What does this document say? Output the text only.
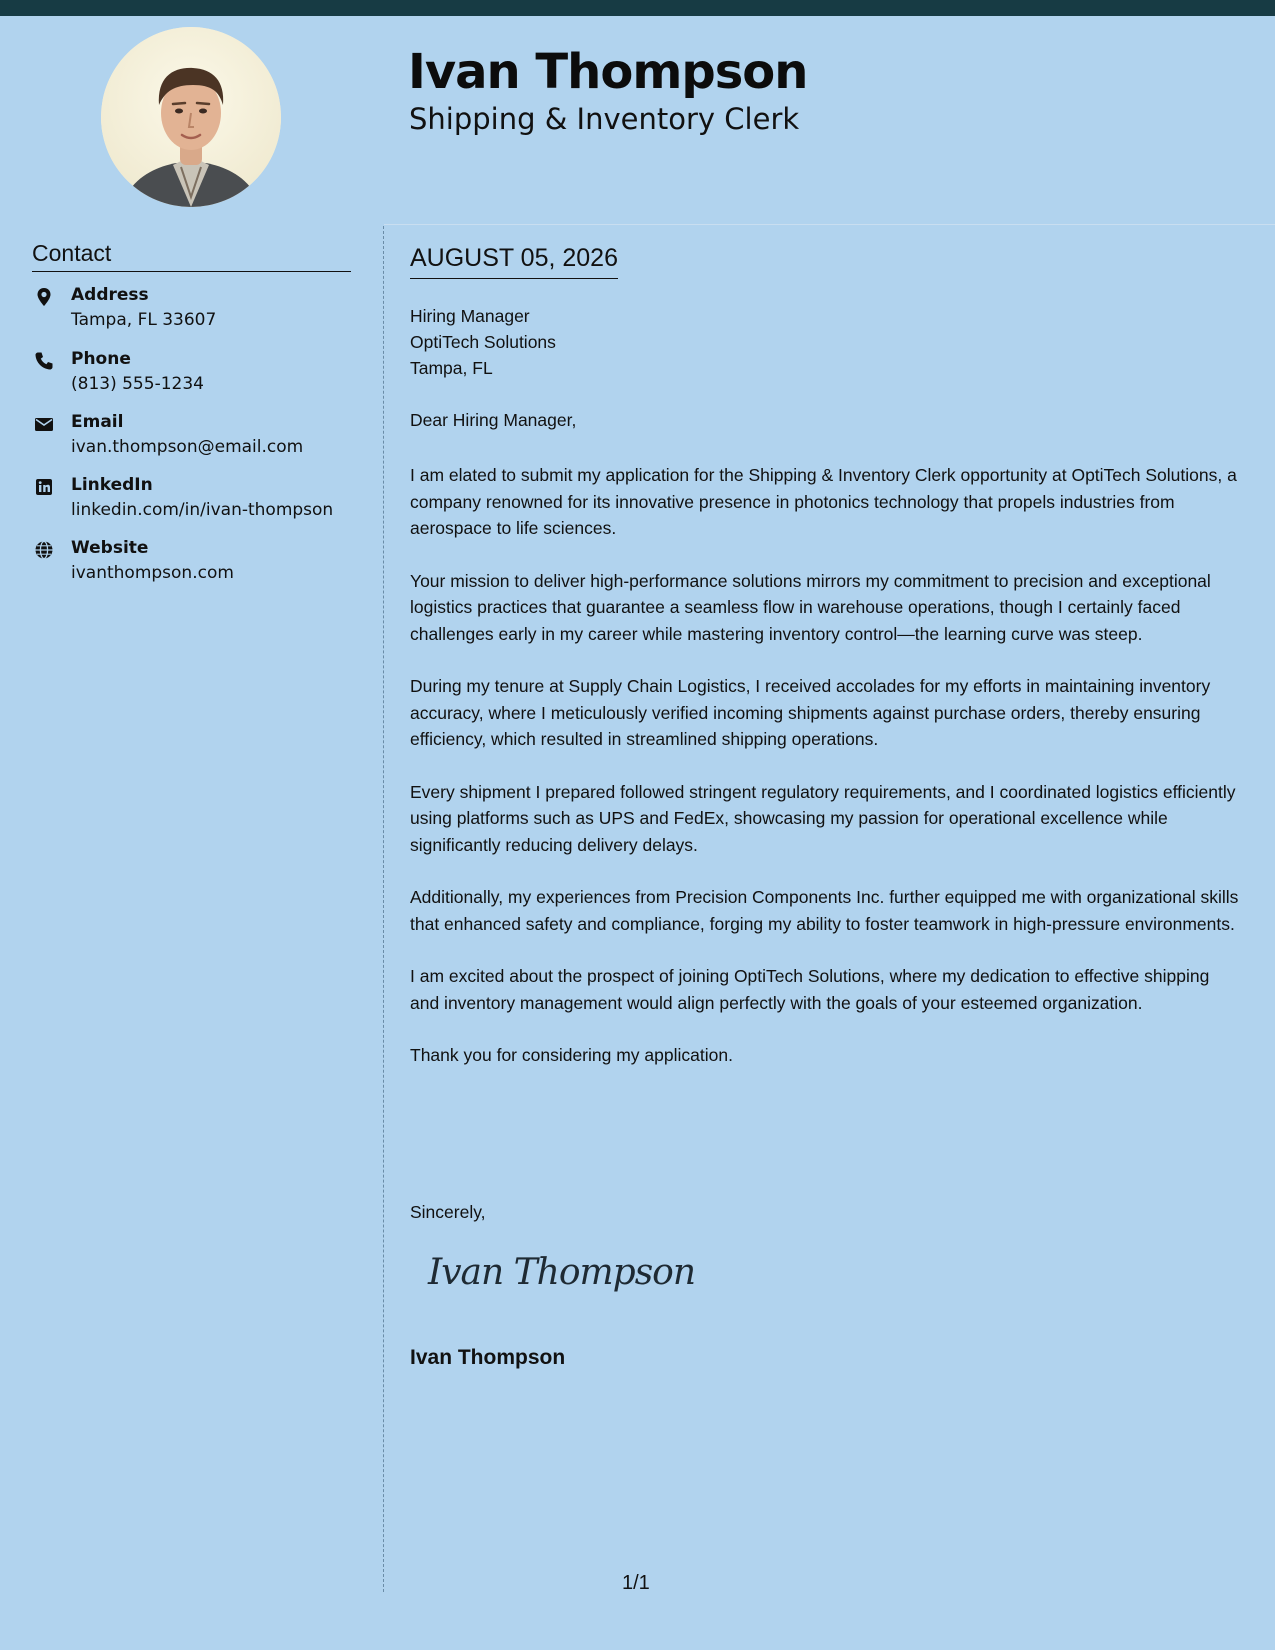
Ivan Thompson
Shipping & Inventory Clerk
Contact
Address
Tampa, FL 33607
Phone
(813) 555-1234
Email
ivan.thompson@email.com
LinkedIn
linkedin.com/in/ivan-thompson
Website
ivanthompson.com
AUGUST 05, 2026
Hiring Manager
OptiTech Solutions
Tampa, FL
Dear Hiring Manager,

I am elated to submit my application for the Shipping & Inventory Clerk opportunity at OptiTech Solutions, a company renowned for its innovative presence in photonics technology that propels industries from aerospace to life sciences.

Your mission to deliver high-performance solutions mirrors my commitment to precision and exceptional logistics practices that guarantee a seamless flow in warehouse operations, though I certainly faced challenges early in my career while mastering inventory control—the learning curve was steep.

During my tenure at Supply Chain Logistics, I received accolades for my efforts in maintaining inventory accuracy, where I meticulously verified incoming shipments against purchase orders, thereby ensuring efficiency, which resulted in streamlined shipping operations.

Every shipment I prepared followed stringent regulatory requirements, and I coordinated logistics efficiently using platforms such as UPS and FedEx, showcasing my passion for operational excellence while significantly reducing delivery delays.

Additionally, my experiences from Precision Components Inc. further equipped me with organizational skills that enhanced safety and compliance, forging my ability to foster teamwork in high-pressure environments.

I am excited about the prospect of joining OptiTech Solutions, where my dedication to effective shipping and inventory management would align perfectly with the goals of your esteemed organization.

Thank you for considering my application.

Sincerely,
Ivan Thompson
Ivan Thompson
1/1
